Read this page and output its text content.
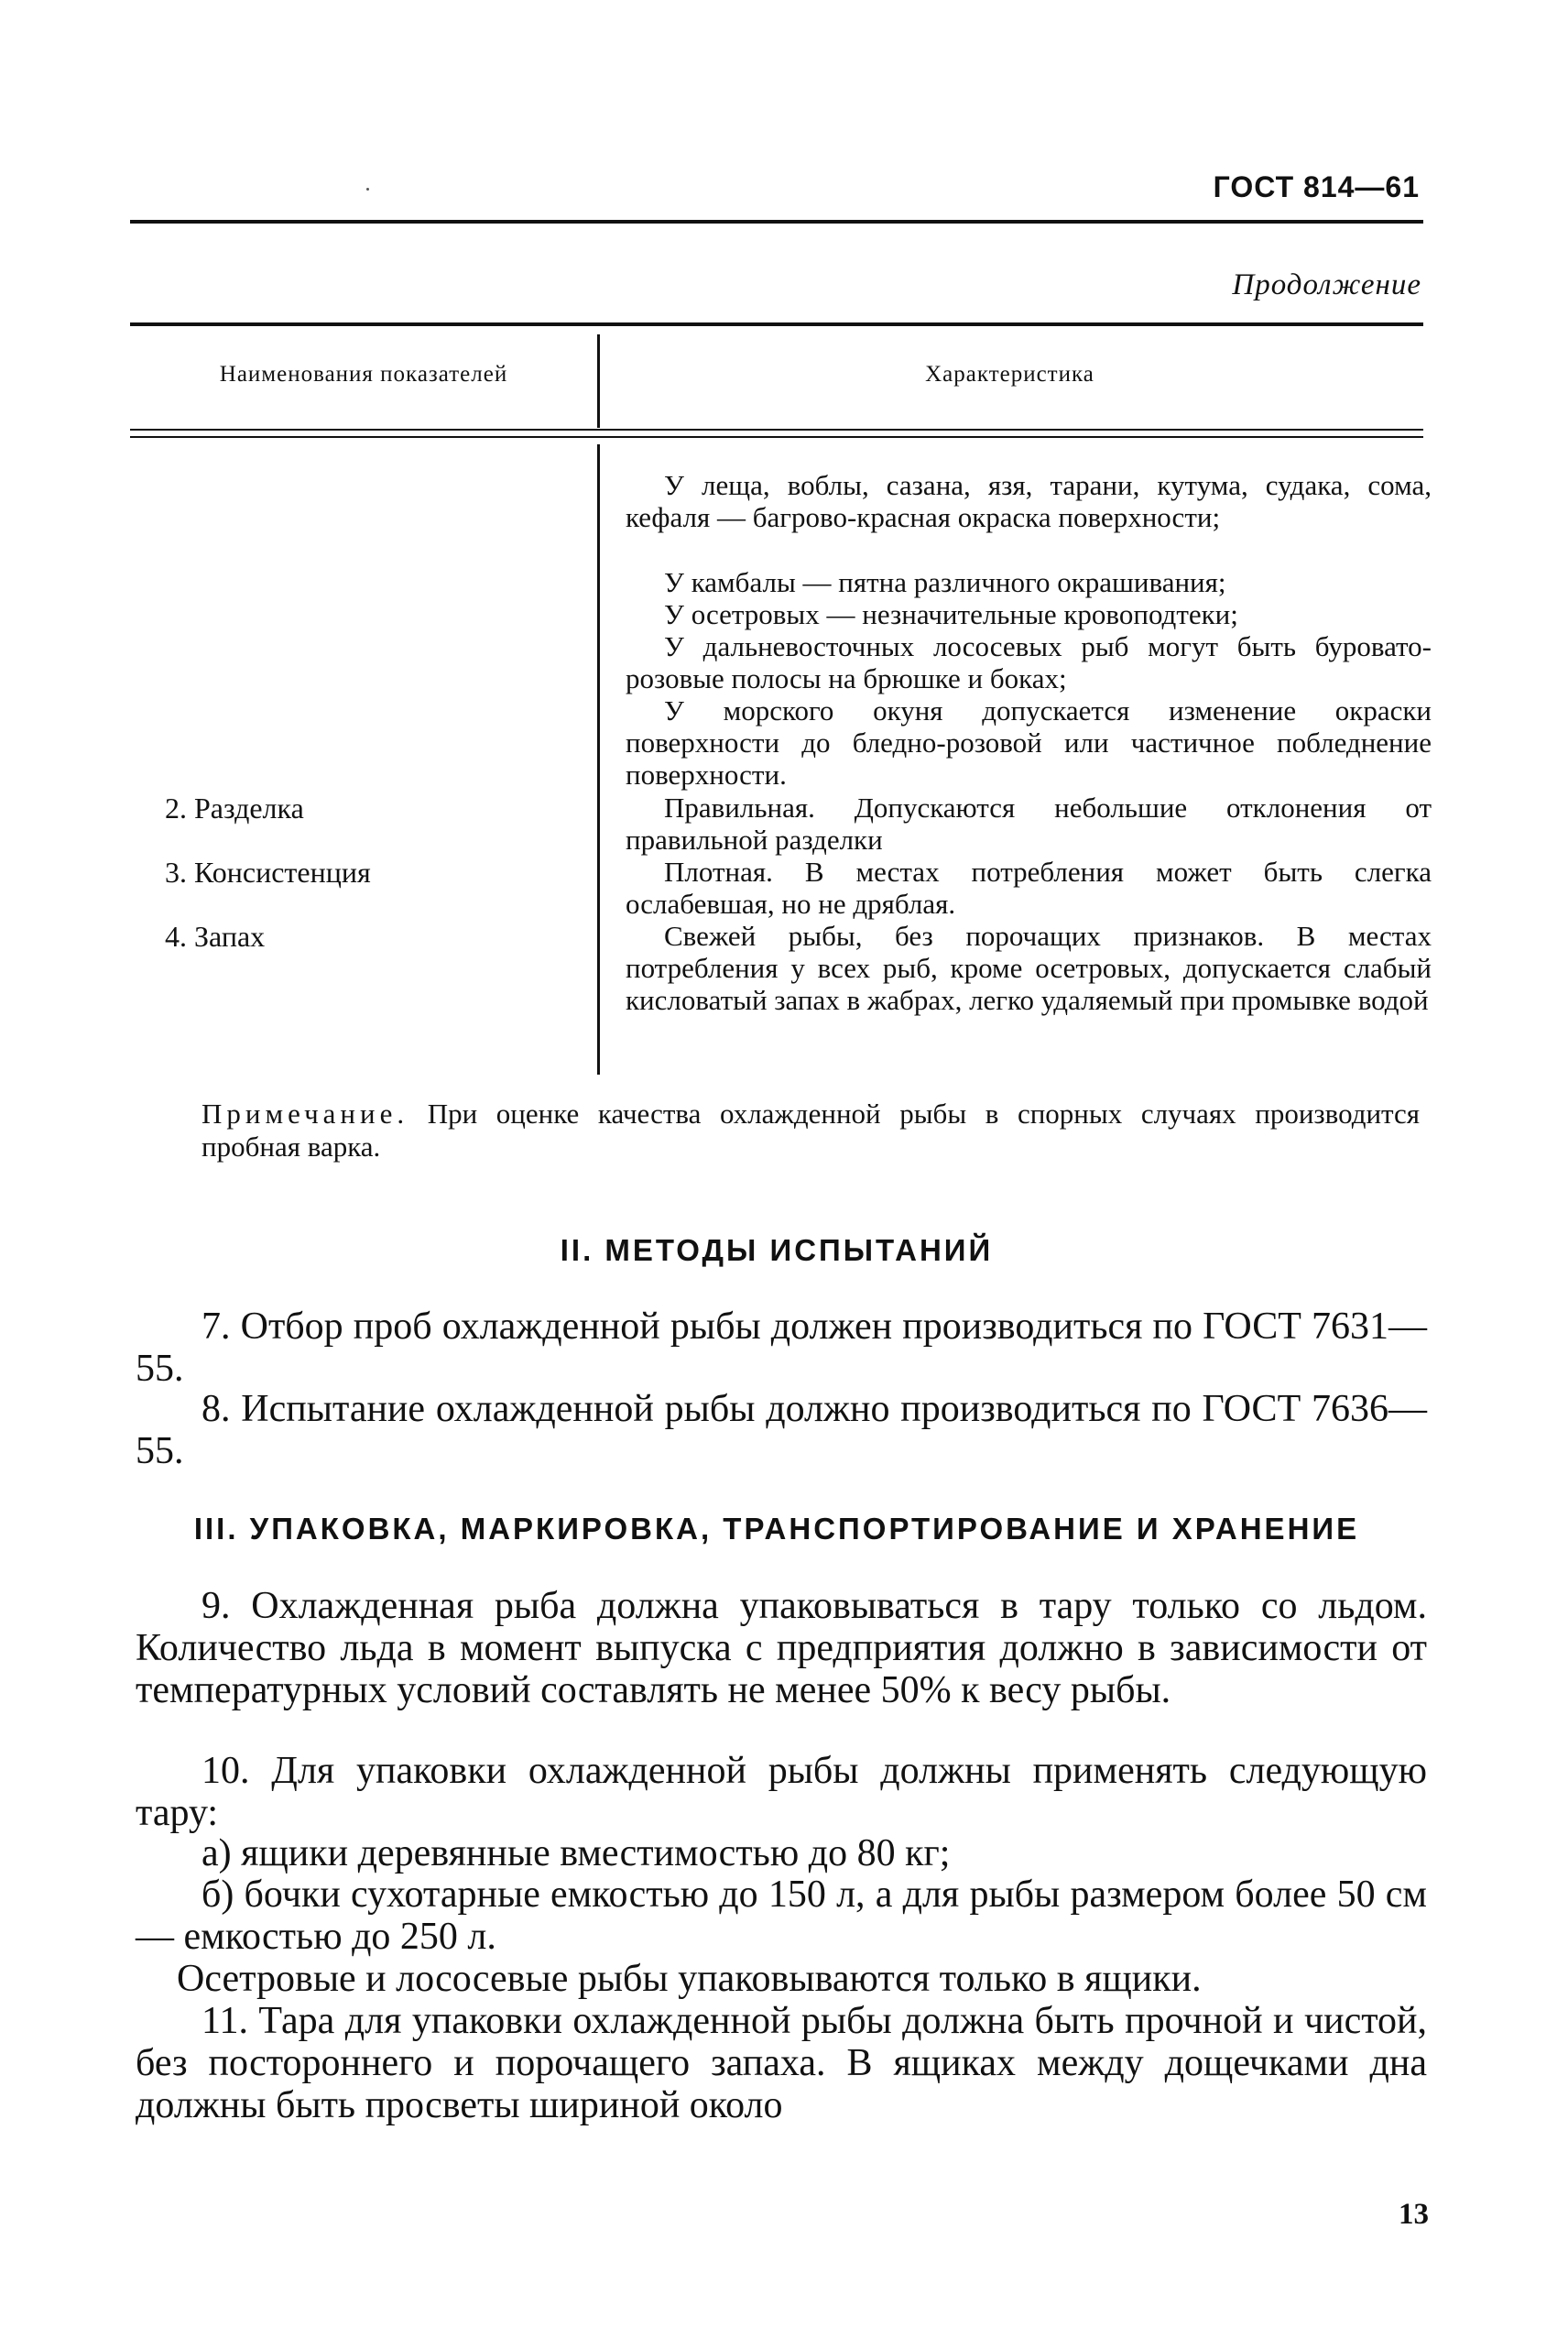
ГОСТ 814—61
Продолжение
Наименования показателей	Характеристика
У леща, воблы, сазана, язя, тарани, кутума, судака, сома, кефаля — багрово-красная окраска поверхности;
У камбалы — пятна различного окрашивания;
У осетровых — незначительные кровоподтеки;
У дальневосточных лососевых рыб могут быть буровато-розовые полосы на брюшке и боках;
У морского окуня допускается изменение окраски поверхности до бледно-розовой или частичное побледнение поверхности.
2. Разделка	Правильная. Допускаются небольшие отклонения от правильной разделки
3. Консистенция	Плотная. В местах потребления может быть слегка ослабевшая, но не дряблая.
4. Запах	Свежей рыбы, без порочащих признаков. В местах потребления у всех рыб, кроме осетровых, допускается слабый кисловатый запах в жабрах, легко удаляемый при промывке водой
Примечание. При оценке качества охлажденной рыбы в спорных случаях производится пробная варка.
II. МЕТОДЫ ИСПЫТАНИЙ
7. Отбор проб охлажденной рыбы должен производиться по ГОСТ 7631—55.
8. Испытание охлажденной рыбы должно производиться по ГОСТ 7636—55.
III. УПАКОВКА, МАРКИРОВКА, ТРАНСПОРТИРОВАНИЕ И ХРАНЕНИЕ
9. Охлажденная рыба должна упаковываться в тару только со льдом. Количество льда в момент выпуска с предприятия должно в зависимости от температурных условий составлять не менее 50% к весу рыбы.
10. Для упаковки охлажденной рыбы должны применять следующую тару:
а) ящики деревянные вместимостью до 80 кг;
б) бочки сухотарные емкостью до 150 л, а для рыбы размером более 50 см — емкостью до 250 л.
Осетровые и лососевые рыбы упаковываются только в ящики.
11. Тара для упаковки охлажденной рыбы должна быть прочной и чистой, без постороннего и порочащего запаха. В ящиках между дощечками дна должны быть просветы шириной около
13
